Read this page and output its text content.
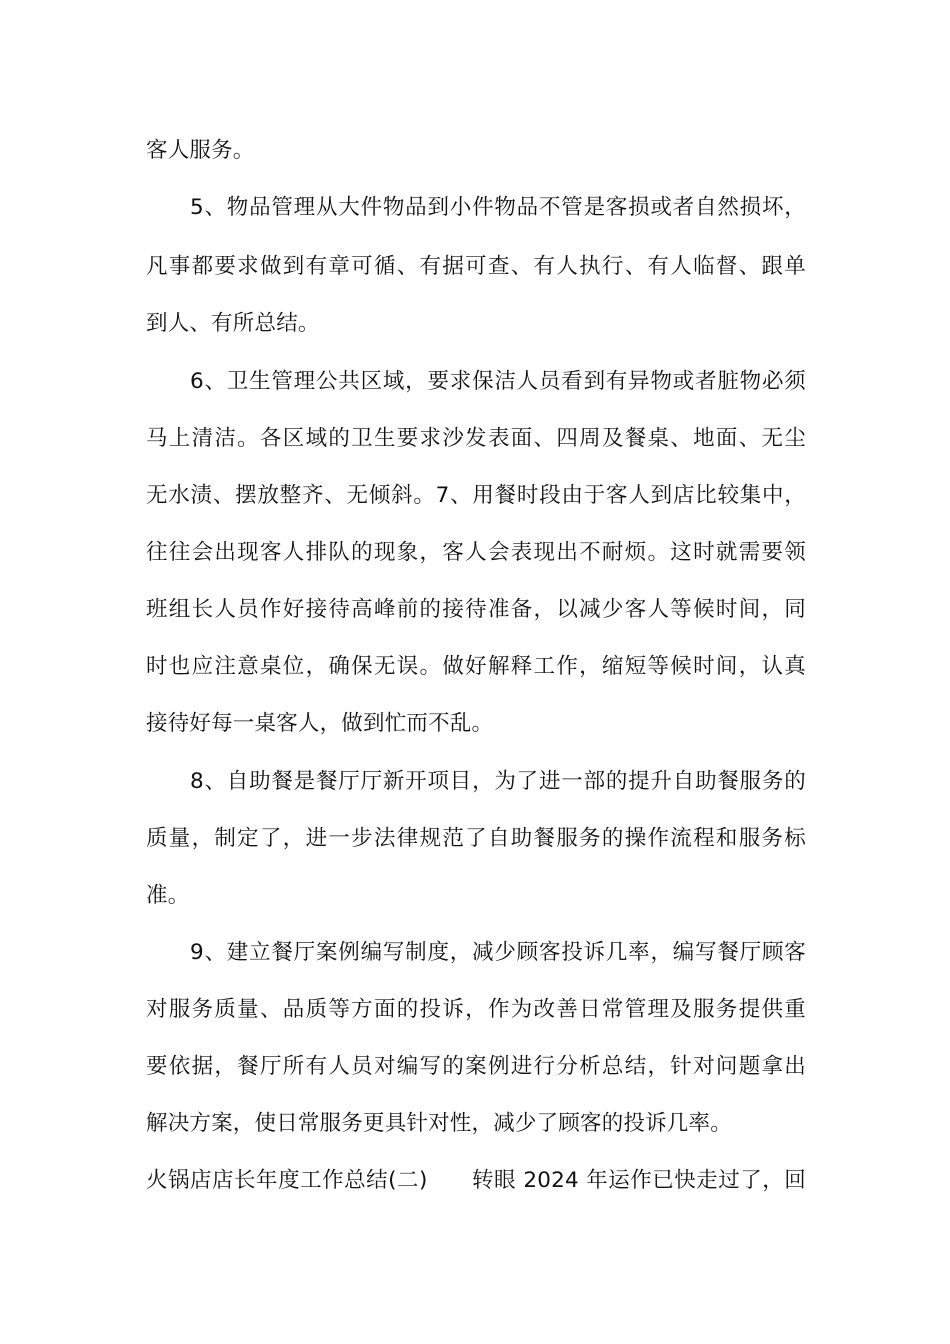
客人服务。
5、物品管理从大件物品到小件物品不管是客损或者自然损坏，
凡事都要求做到有章可循、有据可查、有人执行、有人临督、跟单
到人、有所总结。
6、卫生管理公共区域，要求保洁人员看到有异物或者脏物必须
马上清洁。各区域的卫生要求沙发表面、四周及餐桌、地面、无尘
无水渍、摆放整齐、无倾斜。7、用餐时段由于客人到店比较集中，
往往会出现客人排队的现象，客人会表现出不耐烦。这时就需要领
班组长人员作好接待高峰前的接待准备，以减少客人等候时间，同
时也应注意桌位，确保无误。做好解释工作，缩短等候时间，认真
接待好每一桌客人，做到忙而不乱。
8、自助餐是餐厅厅新开项目，为了进一部的提升自助餐服务的
质量，制定了，进一步法律规范了自助餐服务的操作流程和服务标
准。
9、建立餐厅案例编写制度，减少顾客投诉几率，编写餐厅顾客
对服务质量、品质等方面的投诉，作为改善日常管理及服务提供重
要依据，餐厅所有人员对编写的案例进行分析总结，针对问题拿出
解决方案，使日常服务更具针对性，减少了顾客的投诉几率。
火锅店店长年度工作总结(二)　　转眼 2024 年运作已快走过了，回
